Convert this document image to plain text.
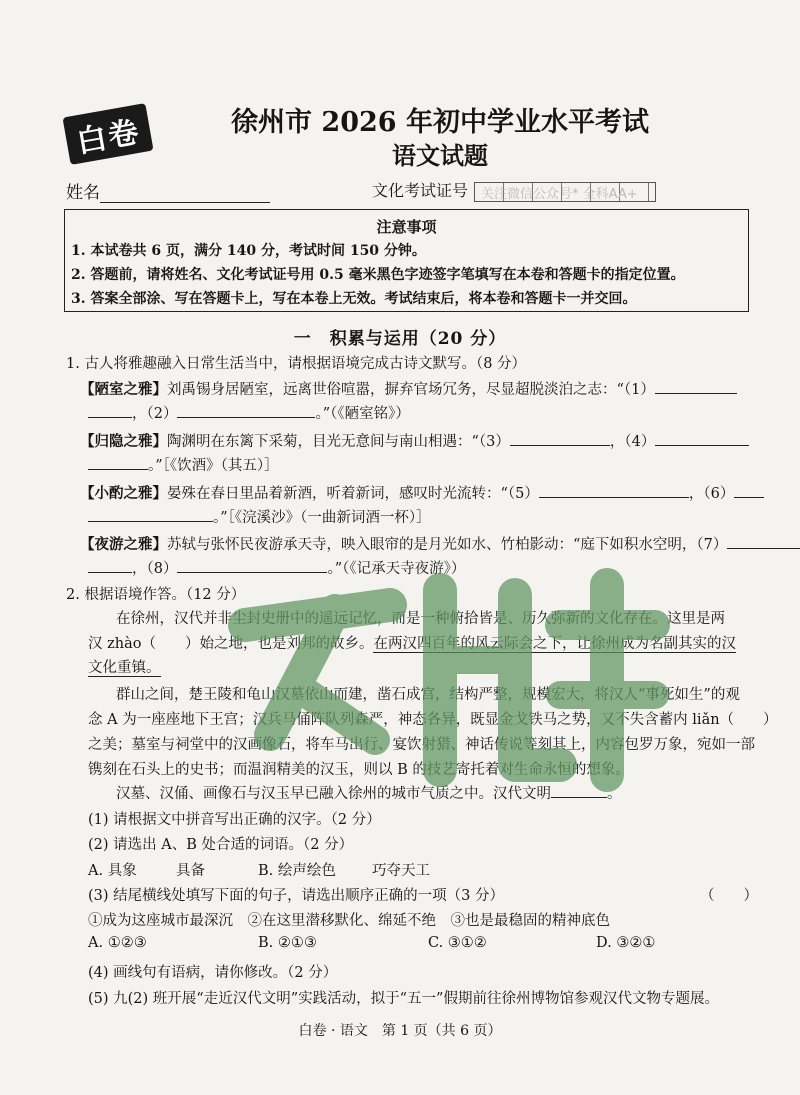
白卷	徐州市 2026 年初中学业水平考试
语文试题
姓名	文化考试证号 关注微信公众号* 全科AA+
注意事项
1. 本试卷共 6 页，满分 140 分，考试时间 150 分钟。
2. 答题前，请将姓名、文化考试证号用 0.5 毫米黑色字迹签字笔填写在本卷和答题卡的指定位置。
3. 答案全部涂、写在答题卡上，写在本卷上无效。考试结束后，将本卷和答题卡一并交回。
一　积累与运用（20 分）
1. 古人将雅趣融入日常生活当中，请根据语境完成古诗文默写。（8 分）
【陋室之雅】刘禹锡身居陋室，远离世俗喧嚣，摒弃官场冗务，尽显超脱淡泊之志：“（1）
，（2）	。”（《陋室铭》）
【归隐之雅】陶渊明在东篱下采菊，目光无意间与南山相遇：“（3）	，（4）
。”［《饮酒》（其五）］
【小酌之雅】晏殊在春日里品着新酒，听着新词，感叹时光流转：“（5）	，（6）
。”［《浣溪沙》（一曲新词酒一杯）］
【夜游之雅】苏轼与张怀民夜游承天寺，映入眼帘的是月光如水、竹柏影动：“庭下如积水空明，（7）
，（8）	。”（《记承天寺夜游》）
2. 根据语境作答。（12 分）
在徐州，汉代并非尘封史册中的遥远记忆，而是一种俯拾皆是、历久弥新的文化存在。这里是两
汉 zhào（　　）始之地，也是刘邦的故乡。在两汉四百年的风云际会之下，让徐州成为名副其实的汉
文化重镇。
群山之间，楚王陵和龟山汉墓依山而建，凿石成宫，结构严整，规模宏大，将汉人“事死如生”的观
念 A 为一座座地下王宫；汉兵马俑阵队列森严，神态各异，既显金戈铁马之势，又不失含蓄内 liǎn（　　）
之美；墓室与祠堂中的汉画像石，将车马出行、宴饮射猎、神话传说等刻其上，内容包罗万象，宛如一部
镌刻在石头上的史书；而温润精美的汉玉，则以 B 的技艺寄托着对生命永恒的想象。
汉墓、汉俑、画像石与汉玉早已融入徐州的城市气质之中。汉代文明	。
(1) 请根据文中拼音写出正确的汉字。（2 分）
(2) 请选出 A、B 处合适的词语。（2 分）
A. 具象	具备	B. 绘声绘色 巧夺天工
(3) 结尾横线处填写下面的句子，请选出顺序正确的一项（3 分）	（　　）
①成为这座城市最深沉　②在这里潜移默化、绵延不绝　③也是最稳固的精神底色
A. ①②③	B. ②①③	C. ③①②	D. ③②①
(4) 画线句有语病，请你修改。（2 分）
(5) 九(2) 班开展“走近汉代文明”实践活动，拟于“五一”假期前往徐州博物馆参观汉代文物专题展。
白卷 · 语文　第 1 页（共 6 页）
